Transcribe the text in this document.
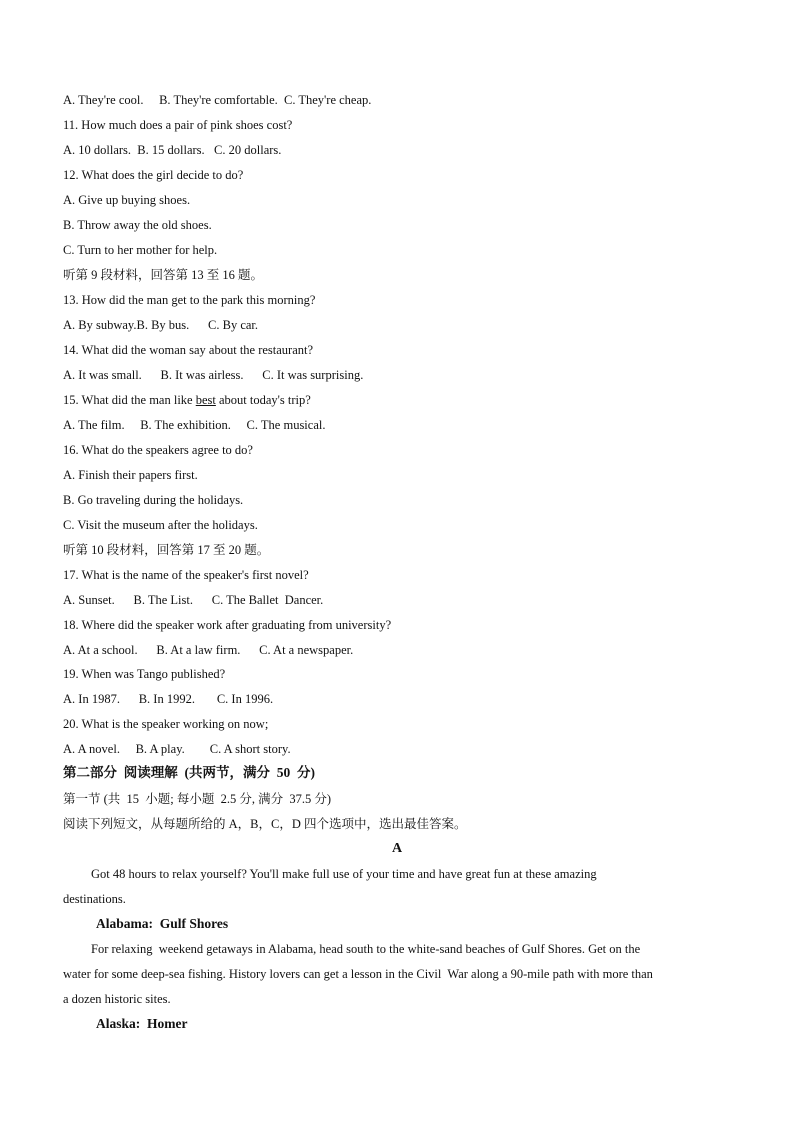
A. They're cool.     B. They're comfortable.  C. They're cheap.
11. How much does a pair of pink shoes cost?
A. 10 dollars.  B. 15 dollars.   C. 20 dollars.
12. What does the girl decide to do?
A. Give up buying shoes.
B. Throw away the old shoes.
C. Turn to her mother for help.
听第 9 段材料，回答第 13 至 16 题。
13. How did the man get to the park this morning?
A. By subway.B. By bus.      C. By car.
14. What did the woman say about the restaurant?
A. It was small.      B. It was airless.      C. It was surprising.
15. What did the man like best about today's trip?
A. The film.     B. The exhibition.     C. The musical.
16. What do the speakers agree to do?
A. Finish their papers first.
B. Go traveling during the holidays.
C. Visit the museum after the holidays.
听第 10 段材料，回答第 17 至 20 题。
17. What is the name of the speaker's first novel?
A. Sunset.      B. The List.      C. The Ballet  Dancer.
18. Where did the speaker work after graduating from university?
A. At a school.      B. At a law firm.      C. At a newspaper.
19. When was Tango published?
A. In 1987.      B. In 1992.       C. In 1996.
20. What is the speaker working on now;
A. A novel.     B. A play.        C. A short story.
第二部分  阅读理解  (共两节，满分  50  分)
第一节 (共  15  小题; 每小题  2.5 分, 满分  37.5 分)
阅读下列短文，从每题所给的 A，B，C，D 四个选项中，选出最佳答案。
A
Got 48 hours to relax yourself? You'll make full use of your time and have great fun at these amazing
destinations.
Alabama:  Gulf Shores
For relaxing  weekend getaways in Alabama, head south to the white-sand beaches of Gulf Shores. Get on the
water for some deep-sea fishing. History lovers can get a lesson in the Civil  War along a 90-mile path with more than
a dozen historic sites.
Alaska:  Homer
